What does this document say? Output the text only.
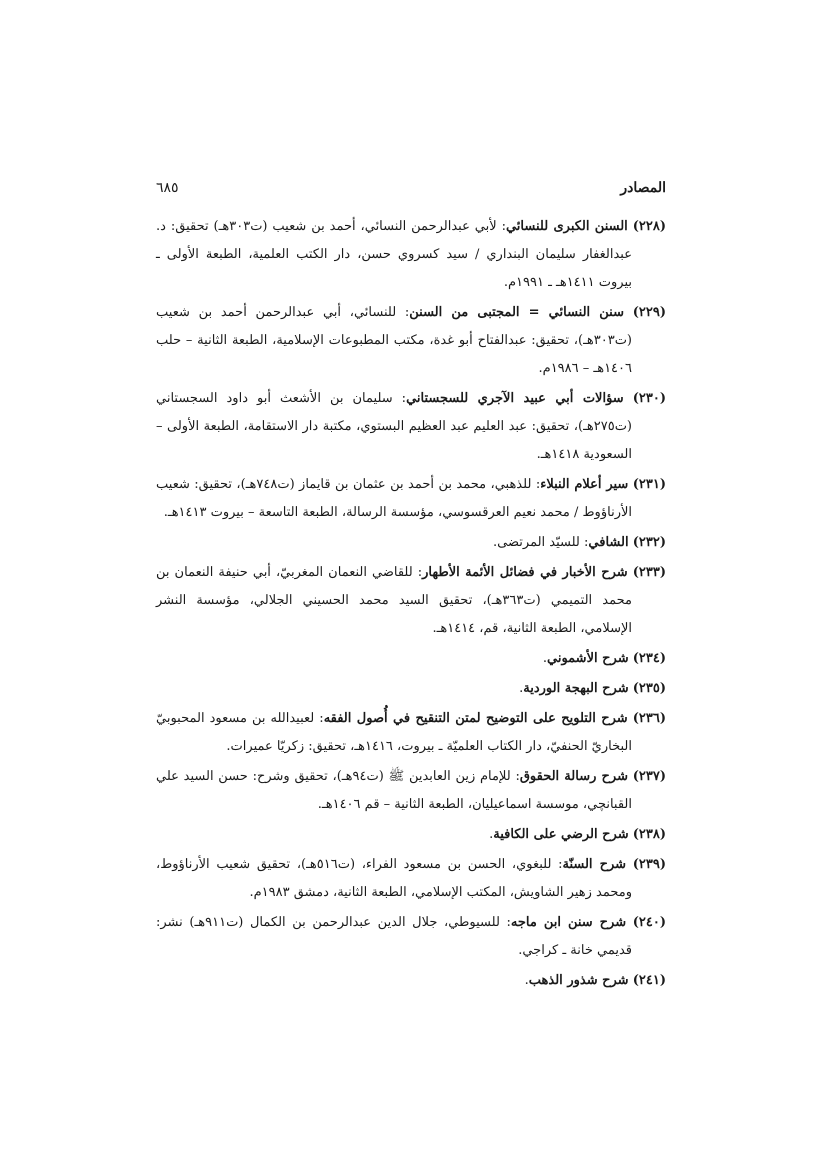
المصادر
٦٨٥

(٢٢٨) السنن الكبرى للنسائي: لأبي عبدالرحمن النسائي، أحمد بن شعيب (ت٣٠٣هـ) تحقيق: د. عبدالغفار سليمان البنداري / سيد كسروي حسن، دار الكتب العلمية، الطبعة الأولى ـ بيروت ١٤١١هـ ـ ١٩٩١م.

(٢٢٩) سنن النسائي = المجتبى من السنن: للنسائي، أبي عبدالرحمن أحمد بن شعيب (ت٣٠٣هـ)، تحقيق: عبدالفتاح أبو غدة، مكتب المطبوعات الإسلامية، الطبعة الثانية – حلب ١٤٠٦هـ – ١٩٨٦م.

(٢٣٠) سؤالات أبي عبيد الآجري للسجستاني: سليمان بن الأشعث أبو داود السجستاني (ت٢٧٥هـ)، تحقيق: عبد العليم عبد العظيم البستوي، مكتبة دار الاستقامة، الطبعة الأولى – السعودية ١٤١٨هـ.

(٢٣١) سير أعلام النبلاء: للذهبي، محمد بن أحمد بن عثمان بن قايماز (ت٧٤٨هـ)، تحقيق: شعيب الأرناؤوط / محمد نعيم العرقسوسي، مؤسسة الرسالة، الطبعة التاسعة – بيروت ١٤١٣هـ.

(٢٣٢) الشافي: للسيّد المرتضى.

(٢٣٣) شرح الأخبار في فضائل الأئمة الأطهار: للقاضي النعمان المغربيّ، أبي حنيفة النعمان بن محمد التميمي (ت٣٦٣هـ)، تحقيق السيد محمد الحسيني الجلالي، مؤسسة النشر الإسلامي، الطبعة الثانية، قم، ١٤١٤هـ.

(٢٣٤) شرح الأشموني.

(٢٣٥) شرح البهجة الوردية.

(٢٣٦) شرح التلويح على التوضيح لمتن التنقيح في أُصول الفقه: لعبيدالله بن مسعود المحبوبيّ البخاريّ الحنفيّ، دار الكتاب العلميّة ـ بيروت، ١٤١٦هـ، تحقيق: زكريّا عميرات.

(٢٣٧) شرح رسالة الحقوق: للإمام زين العابدين ﷺ (ت٩٤هـ)، تحقيق وشرح: حسن السيد علي القبانچي، موسسة اسماعيليان، الطبعة الثانية – قم ١٤٠٦هـ.

(٢٣٨) شرح الرضي على الكافية.

(٢٣٩) شرح السنّة: للبغوي، الحسن بن مسعود الفراء، (ت٥١٦هـ)، تحقيق شعيب الأرناؤوط، ومحمد زهير الشاويش، المكتب الإسلامي، الطبعة الثانية، دمشق ١٩٨٣م.

(٢٤٠) شرح سنن ابن ماجه: للسيوطي، جلال الدين عبدالرحمن بن الكمال (ت٩١١هـ) نشر: قديمي خانة ـ كراجي.

(٢٤١) شرح شذور الذهب.
